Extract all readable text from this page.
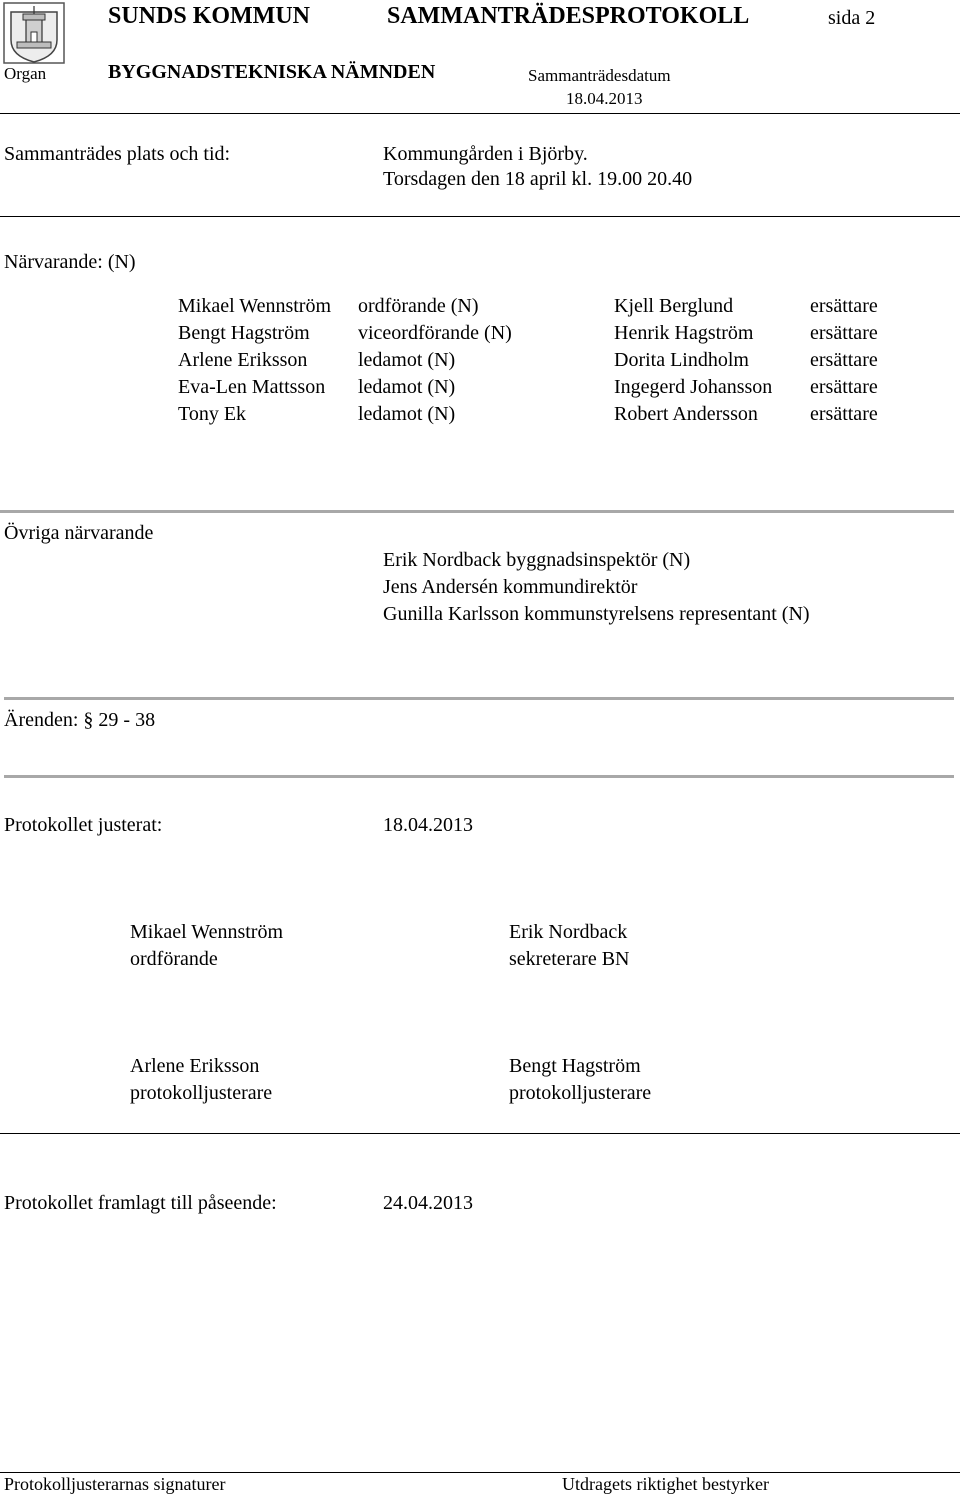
SUNDS KOMMUN	SAMMANTRÄDESPROTOKOLL	sida 2
Organ	BYGGNADSTEKNISKA NÄMNDEN	Sammanträdesdatum
18.04.2013
Sammanträdes plats och tid:	Kommungården i Björby.
Torsdagen den 18 april kl. 19.00 20.40
Närvarande: (N)
Mikael Wennström	ordförande (N)	Kjell Berglund	ersättare
Bengt Hagström	viceordförande (N)	Henrik Hagström	ersättare
Arlene Eriksson	ledamot (N)	Dorita Lindholm	ersättare
Eva-Len Mattsson	ledamot (N)	Ingegerd Johansson	ersättare
Tony Ek	ledamot (N)	Robert Andersson	ersättare
Övriga närvarande
Erik Nordback byggnadsinspektör (N)
Jens Andersén kommundirektör
Gunilla Karlsson kommunstyrelsens representant (N)
Ärenden: § 29 - 38
Protokollet justerat:	18.04.2013
Mikael Wennström
ordförande
Erik Nordback
sekreterare BN
Arlene Eriksson
protokolljusterare
Bengt Hagström
protokolljusterare
Protokollet framlagt till påseende:	24.04.2013
Protokolljusterarnas signaturer	Utdragets riktighet bestyrker
